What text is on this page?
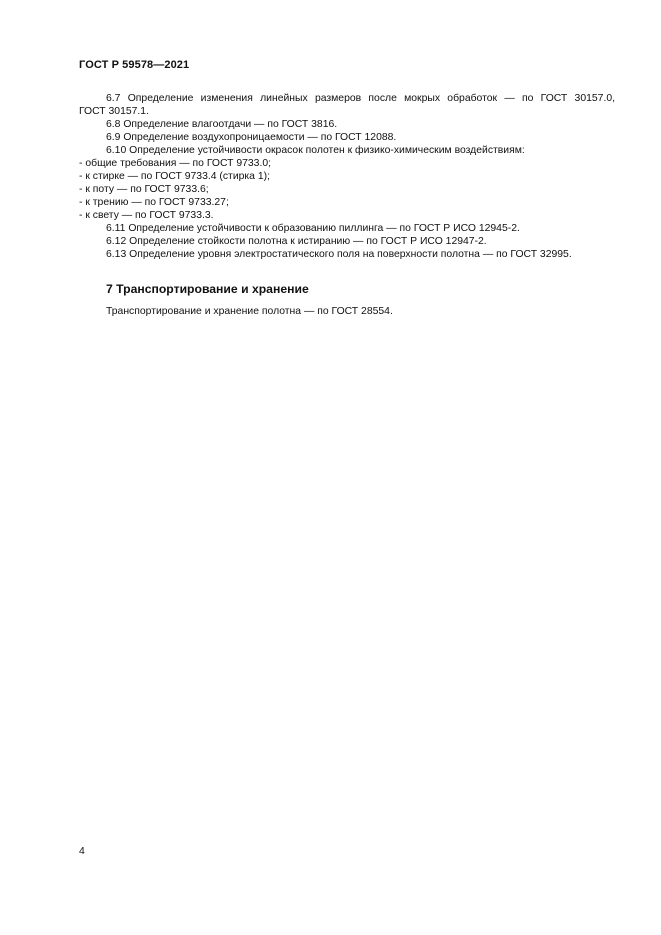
ГОСТ Р 59578—2021

6.7 Определение изменения линейных размеров после мокрых обработок — по ГОСТ 30157.0,

ГОСТ 30157.1.

6.8 Определение влагоотдачи — по ГОСТ 3816.

6.9 Определение воздухопроницаемости — по ГОСТ 12088.

6.10 Определение устойчивости окрасок полотен к физико-химическим воздействиям:

- общие требования — по ГОСТ 9733.0;

- к стирке — по ГОСТ 9733.4 (стирка 1);

- к поту — по ГОСТ 9733.6;

- к трению — по ГОСТ 9733.27;

- к свету — по ГОСТ 9733.3.

6.11 Определение устойчивости к образованию пиллинга — по ГОСТ Р ИСО 12945-2.

6.12 Определение стойкости полотна к истиранию — по ГОСТ Р ИСО 12947-2.

6.13 Определение уровня электростатического поля на поверхности полотна — по ГОСТ 32995.

7 Транспортирование и хранение
Транспортирование и хранение полотна — по ГОСТ 28554.
4
